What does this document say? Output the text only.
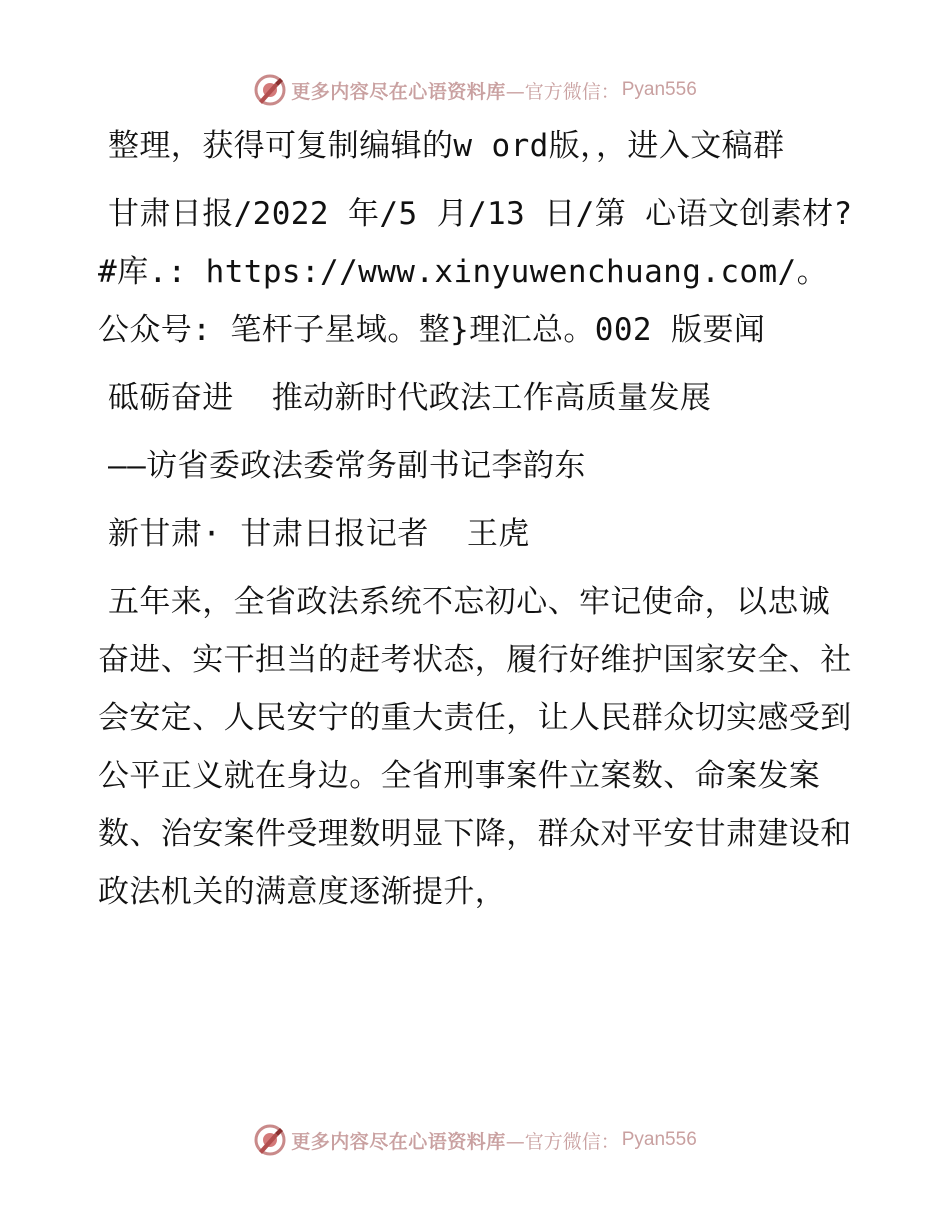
更多内容尽在心语资料库 —官方微信： Pyan556

整理，获得可复制编辑的w ord版，，进入文稿群

甘肃日报/2022 年/5 月/13 日/第 心语文创素材?#库.: https://www.xinyuwenchuang.com/。公众号: 笔杆子星域。整}理汇总。002 版要闻

砥砺奋进  推动新时代政法工作高质量发展

——访省委政法委常务副书记李韵东

新甘肃· 甘肃日报记者  王虎

五年来，全省政法系统不忘初心、牢记使命，以忠诚奋进、实干担当的赶考状态，履行好维护国家安全、社会安定、人民安宁的重大责任，让人民群众切实感受到公平正义就在身边。全省刑事案件立案数、命案发案数、治安案件受理数明显下降，群众对平安甘肃建设和政法机关的满意度逐渐提升，

更多内容尽在心语资料库 —官方微信： Pyan556
